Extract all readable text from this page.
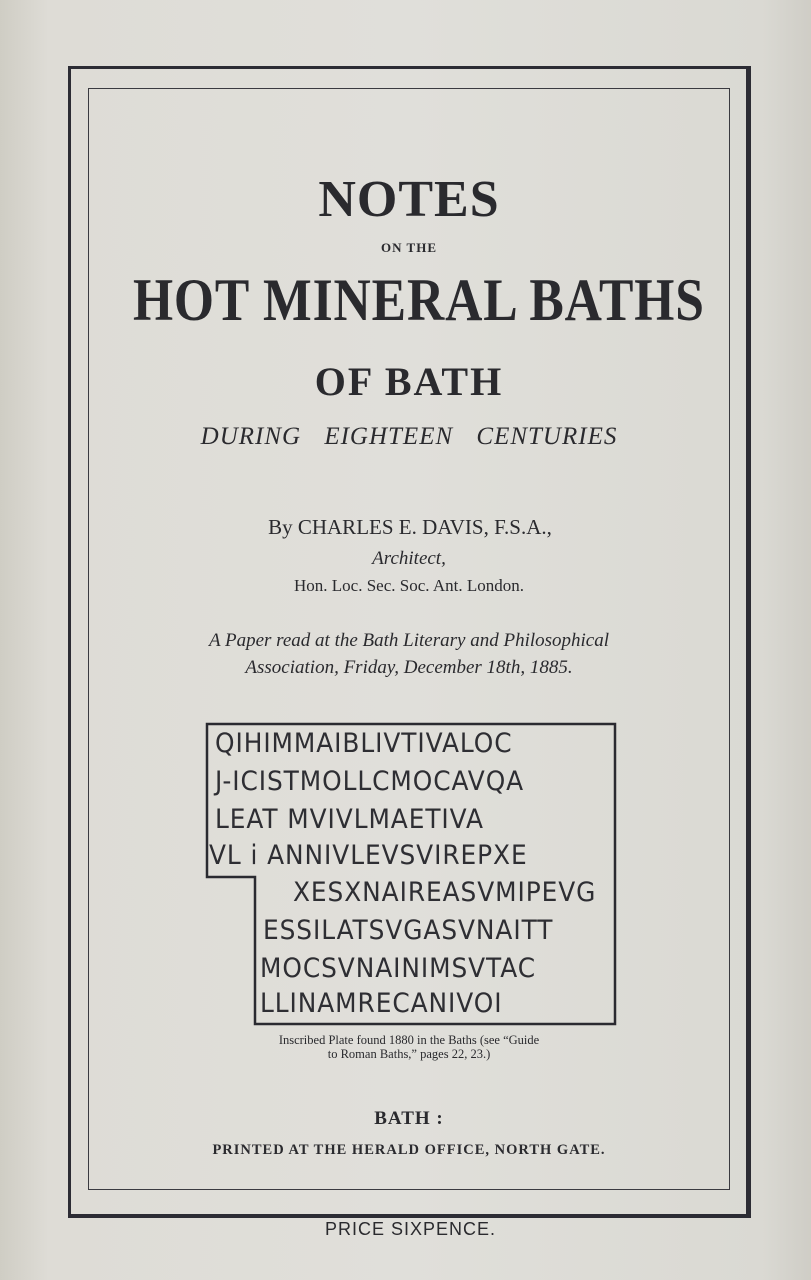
NOTES
ON THE
HOT MINERAL BATHS
OF BATH
DURING EIGHTEEN CENTURIES
By CHARLES E. DAVIS, F.S.A.,
Architect,
Hon. Loc. Sec. Soc. Ant. London.
A Paper read at the Bath Literary and Philosophical
Association, Friday, December 18th, 1885.
QIHIMMAIBLIVTIVALOC
J-ICISTMOLLCMOCAVQA
LEAT MVIVLMAETIVA
VL i ANNIVLEVSVIREPXE
XESXNAIREASVMIPEVG
ESSILATSVGASVNAITT
MOCSVNAINIMSVTAC
LLINAMRECANIVOI
Inscribed Plate found 1880 in the Baths (see “Guide
to Roman Baths,” pages 22, 23.)
BATH :
PRINTED AT THE HERALD OFFICE, NORTH GATE.
PRICE SIXPENCE.
